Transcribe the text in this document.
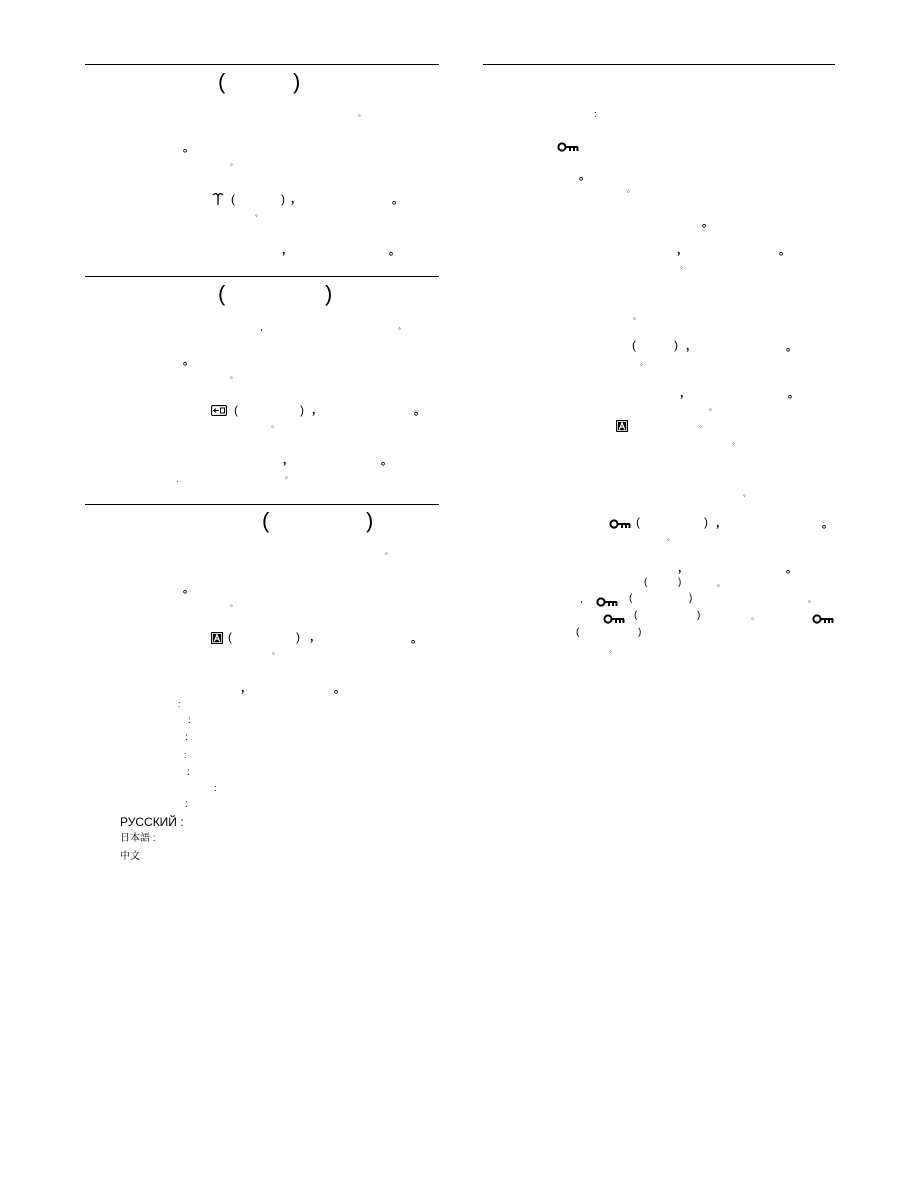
(	)
◦
。
◦
(	) ，	。
◦
，	。
(	)
，	◦
。
◦
(	) ，	。
◦
，	。
ˎ	◦
(	)
◦
。
◦
(	) ，	。
◦
，	。
:
:
:
:
:
:
:
РУССКИЙ :
日本語 :
中文
:
。
◦
。
，	。
◦
◦
(	) ，	。
◦
，	。
◦
◦
◦
◦
(	) ，	。
◦
，	。
(	)	◦
，	(	)	◦
(	)	◦
(	)
◦
